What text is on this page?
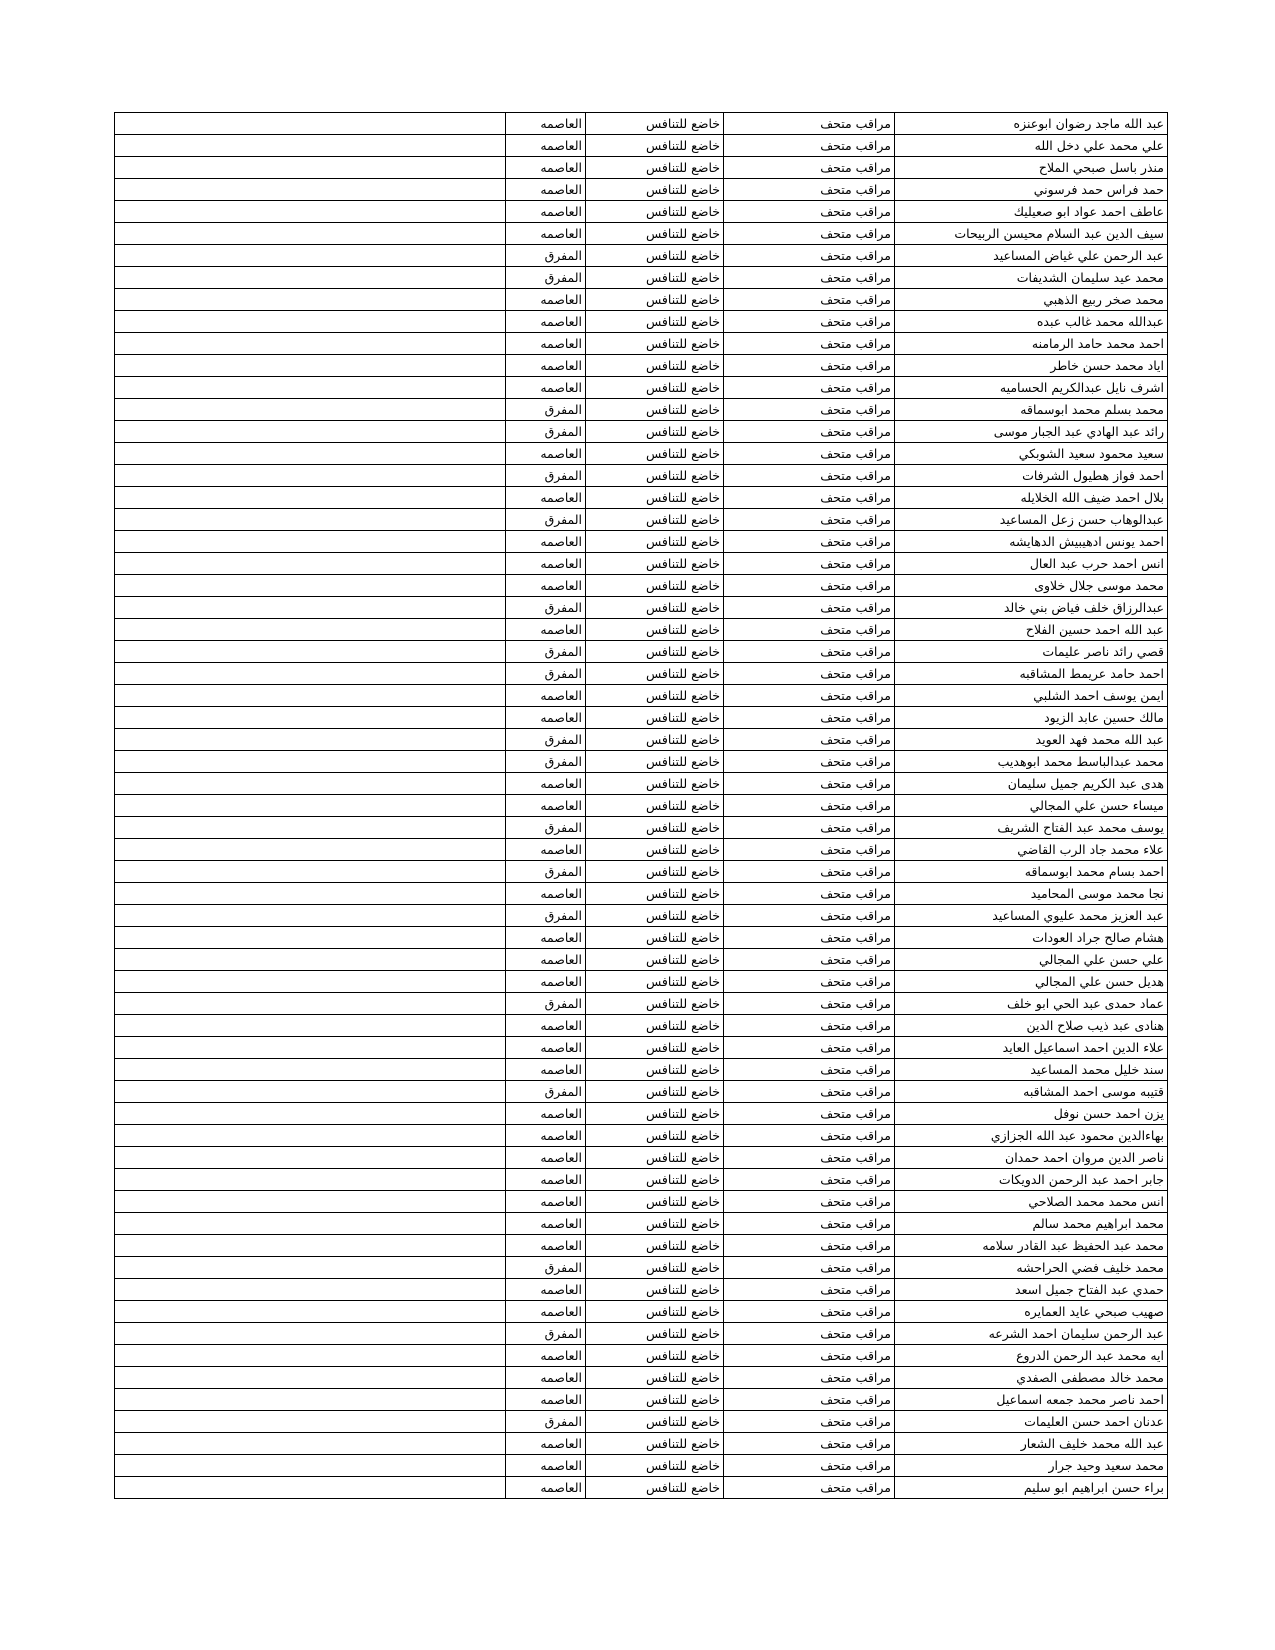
عبد الله ماجد رضوان ابوعنزه	مراقب متحف	خاضع للتنافس	العاصمه	
علي محمد علي دخل الله	مراقب متحف	خاضع للتنافس	العاصمه	
منذر باسل صبحي الملاح	مراقب متحف	خاضع للتنافس	العاصمه	
حمد فراس حمد فرسوني	مراقب متحف	خاضع للتنافس	العاصمه	
عاطف احمد عواد ابو صعيليك	مراقب متحف	خاضع للتنافس	العاصمه	
سيف الدين عبد السلام محيسن الربيحات	مراقب متحف	خاضع للتنافس	العاصمه	
عبد الرحمن علي غياض المساعيد	مراقب متحف	خاضع للتنافس	المفرق	
محمد عيد سليمان الشديفات	مراقب متحف	خاضع للتنافس	المفرق	
محمد صخر ربيع الذهبي	مراقب متحف	خاضع للتنافس	العاصمه	
عبدالله محمد غالب عبده	مراقب متحف	خاضع للتنافس	العاصمه	
احمد محمد حامد الرمامنه	مراقب متحف	خاضع للتنافس	العاصمه	
اياد محمد حسن خاطر	مراقب متحف	خاضع للتنافس	العاصمه	
اشرف نايل عبدالكريم الحساميه	مراقب متحف	خاضع للتنافس	العاصمه	
محمد بسلم محمد ابوسماقه	مراقب متحف	خاضع للتنافس	المفرق	
رائد عبد الهادي عبد الجبار موسى	مراقب متحف	خاضع للتنافس	المفرق	
سعيد محمود سعيد الشوبكي	مراقب متحف	خاضع للتنافس	العاصمه	
احمد فواز هطيول الشرفات	مراقب متحف	خاضع للتنافس	المفرق	
بلال احمد ضيف الله الخلايله	مراقب متحف	خاضع للتنافس	العاصمه	
عبدالوهاب حسن زعل المساعيد	مراقب متحف	خاضع للتنافس	المفرق	
احمد يونس ادهيبيش الدهايشه	مراقب متحف	خاضع للتنافس	العاصمه	
انس احمد حرب عبد العال	مراقب متحف	خاضع للتنافس	العاصمه	
محمد موسى جلال خلاوى	مراقب متحف	خاضع للتنافس	العاصمه	
عبدالرزاق خلف فياض بني خالد	مراقب متحف	خاضع للتنافس	المفرق	
عبد الله احمد حسين الفلاح	مراقب متحف	خاضع للتنافس	العاصمه	
قصي رائد ناصر عليمات	مراقب متحف	خاضع للتنافس	المفرق	
احمد حامد عريمط المشاقبه	مراقب متحف	خاضع للتنافس	المفرق	
ايمن يوسف احمد الشلبي	مراقب متحف	خاضع للتنافس	العاصمه	
مالك حسين عابد الزيود	مراقب متحف	خاضع للتنافس	العاصمه	
عبد الله محمد فهد العويد	مراقب متحف	خاضع للتنافس	المفرق	
محمد عبدالباسط محمد ابوهديب	مراقب متحف	خاضع للتنافس	المفرق	
هدى عبد الكريم جميل سليمان	مراقب متحف	خاضع للتنافس	العاصمه	
ميساء حسن علي المجالي	مراقب متحف	خاضع للتنافس	العاصمه	
يوسف محمد عبد الفتاح الشريف	مراقب متحف	خاضع للتنافس	المفرق	
علاء محمد جاد الرب القاضي	مراقب متحف	خاضع للتنافس	العاصمه	
احمد بسام محمد ابوسماقه	مراقب متحف	خاضع للتنافس	المفرق	
نجا محمد موسى المحاميد	مراقب متحف	خاضع للتنافس	العاصمه	
عبد العزيز محمد عليوي المساعيد	مراقب متحف	خاضع للتنافس	المفرق	
هشام صالح جراد العودات	مراقب متحف	خاضع للتنافس	العاصمه	
علي حسن علي المجالي	مراقب متحف	خاضع للتنافس	العاصمه	
هديل حسن علي المجالي	مراقب متحف	خاضع للتنافس	العاصمه	
عماد حمدى عبد الحي ابو خلف	مراقب متحف	خاضع للتنافس	المفرق	
هنادى عبد ذيب صلاح الدين	مراقب متحف	خاضع للتنافس	العاصمه	
علاء الدين احمد اسماعيل العايد	مراقب متحف	خاضع للتنافس	العاصمه	
سند خليل محمد المساعيد	مراقب متحف	خاضع للتنافس	العاصمه	
قتيبه موسى احمد المشاقبه	مراقب متحف	خاضع للتنافس	المفرق	
يزن احمد حسن نوفل	مراقب متحف	خاضع للتنافس	العاصمه	
بهاءالدين محمود عبد الله الجزازي	مراقب متحف	خاضع للتنافس	العاصمه	
ناصر الدين مروان احمد حمدان	مراقب متحف	خاضع للتنافس	العاصمه	
جابر احمد عبد الرحمن الدويكات	مراقب متحف	خاضع للتنافس	العاصمه	
انس محمد محمد الصلاحي	مراقب متحف	خاضع للتنافس	العاصمه	
محمد ابراهيم محمد سالم	مراقب متحف	خاضع للتنافس	العاصمه	
محمد عبد الحفيظ عبد القادر سلامه	مراقب متحف	خاضع للتنافس	العاصمه	
محمد خليف فضي الحراحشه	مراقب متحف	خاضع للتنافس	المفرق	
حمدي عبد الفتاح جميل اسعد	مراقب متحف	خاضع للتنافس	العاصمه	
صهيب صبحي عايد العمايره	مراقب متحف	خاضع للتنافس	العاصمه	
عبد الرحمن سليمان احمد الشرعه	مراقب متحف	خاضع للتنافس	المفرق	
ايه محمد عبد الرحمن الدروع	مراقب متحف	خاضع للتنافس	العاصمه	
محمد خالد مصطفى الصفدي	مراقب متحف	خاضع للتنافس	العاصمه	
احمد ناصر محمد جمعه اسماعيل	مراقب متحف	خاضع للتنافس	العاصمه	
عدنان احمد حسن العليمات	مراقب متحف	خاضع للتنافس	المفرق	
عبد الله محمد خليف الشعار	مراقب متحف	خاضع للتنافس	العاصمه	
محمد سعيد وحيد جرار	مراقب متحف	خاضع للتنافس	العاصمه	
براء حسن ابراهيم ابو سليم	مراقب متحف	خاضع للتنافس	العاصمه	
